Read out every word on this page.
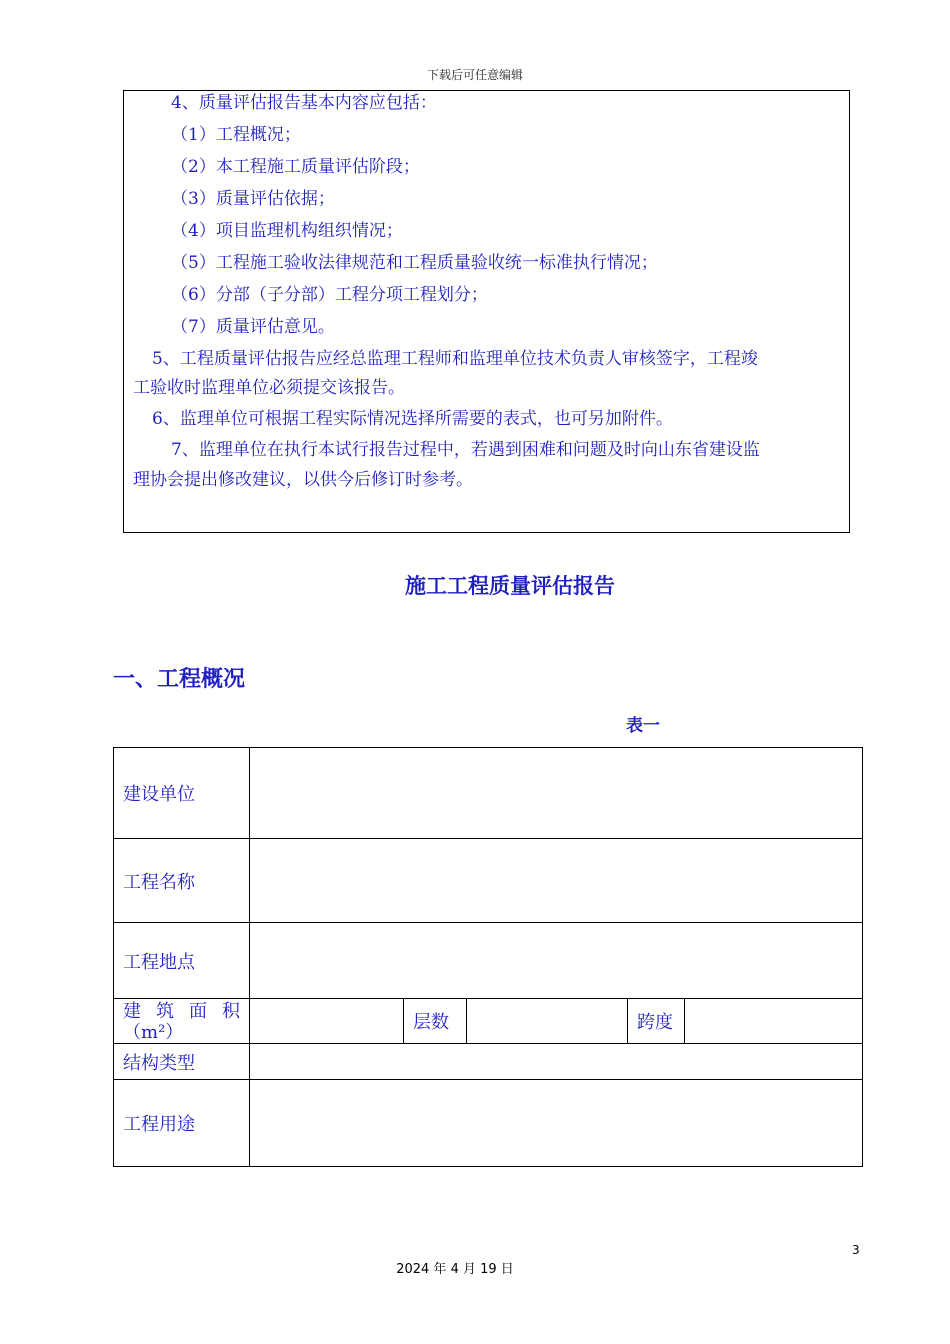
下载后可任意编辑
4、质量评估报告基本内容应包括：
（1）工程概况；
（2）本工程施工质量评估阶段；
（3）质量评估依据；
（4）项目监理机构组织情况；
（5）工程施工验收法律规范和工程质量验收统一标准执行情况；
（6）分部（子分部）工程分项工程划分；
（7）质量评估意见。
5、工程质量评估报告应经总监理工程师和监理单位技术负责人审核签字，工程竣
工验收时监理单位必须提交该报告。
6、监理单位可根据工程实际情况选择所需要的表式，也可另加附件。
7、监理单位在执行本试行报告过程中，若遇到困难和问题及时向山东省建设监
理协会提出修改建议，以供今后修订时参考。
施工工程质量评估报告
一、工程概况
表一
建设单位					
工程名称					
工程地点					
建 筑 面 积
（m²）		层数		跨度	
结构类型					
工程用途					
3
2024 年 4 月 19 日
